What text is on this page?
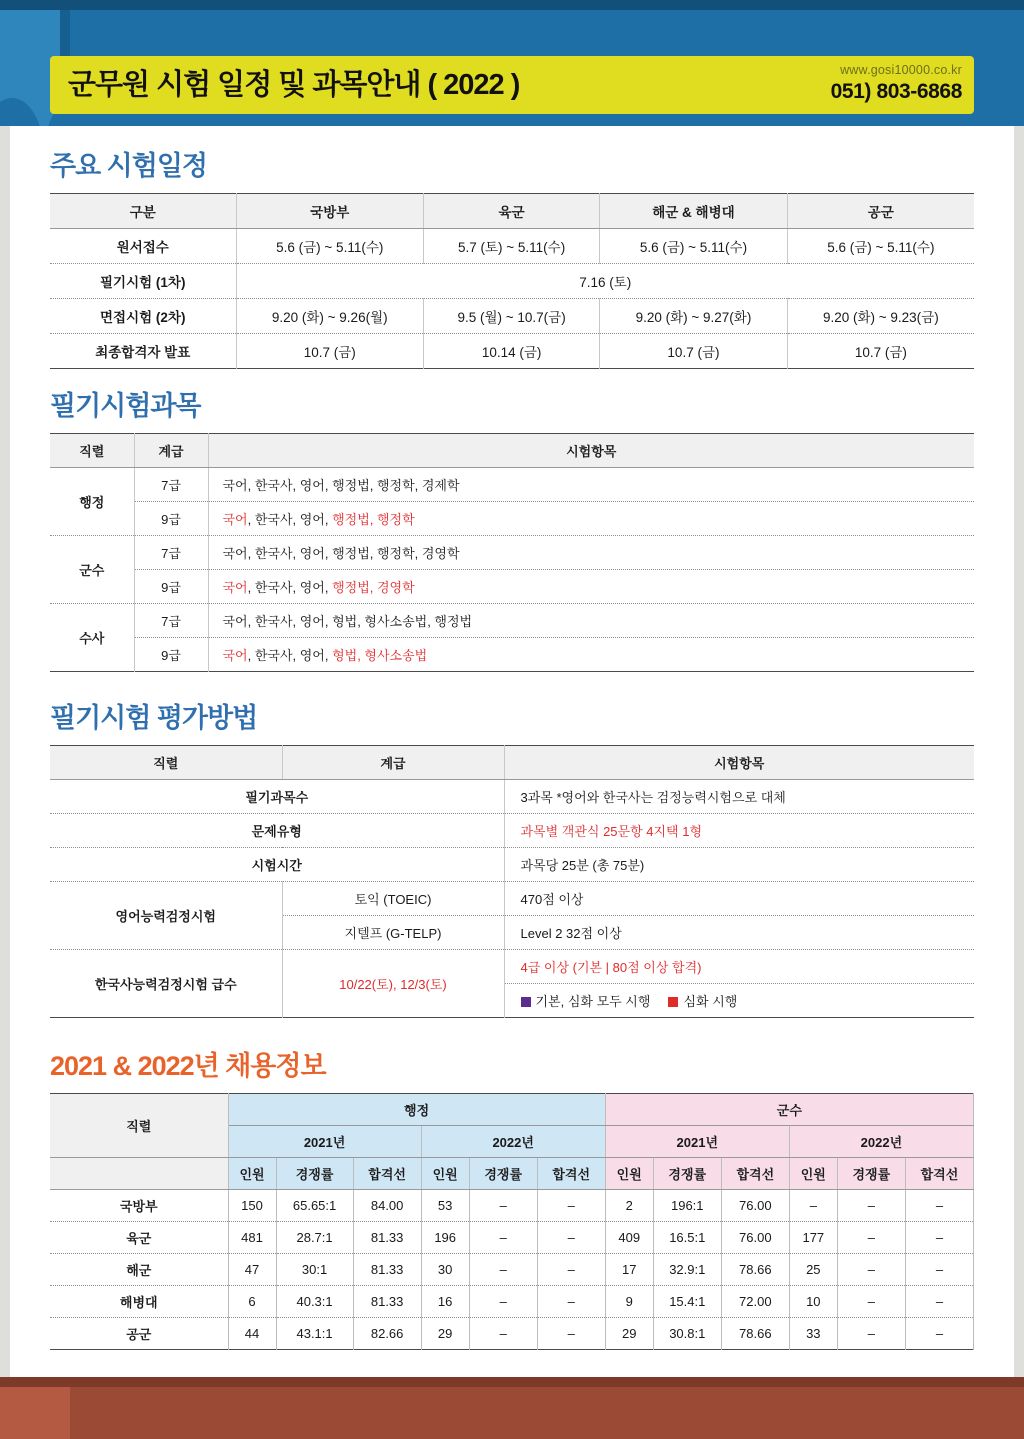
군무원 시험 일정 및 과목안내 ( 2022 )	www.gosi10000.co.kr
051) 803-6868
주요 시험일정
구분	국방부	육군	해군 & 해병대	공군
원서접수	5.6 (금) ~ 5.11(수)	5.7 (토) ~ 5.11(수)	5.6 (금) ~ 5.11(수)	5.6 (금) ~ 5.11(수)
필기시험 (1차)	7.16 (토)			
면접시험 (2차)	9.20 (화) ~ 9.26(월)	9.5 (월) ~ 10.7(금)	9.20 (화) ~ 9.27(화)	9.20 (화) ~ 9.23(금)
최종합격자 발표	10.7 (금)	10.14 (금)	10.7 (금)	10.7 (금)
필기시험과목
직렬	계급	시험항목
행정	7급	국어, 한국사, 영어, 행정법, 행정학, 경제학
	9급	국어, 한국사, 영어, 행정법, 행정학
군수	7급	국어, 한국사, 영어, 행정법, 행정학, 경영학
	9급	국어, 한국사, 영어, 행정법, 경영학
수사	7급	국어, 한국사, 영어, 형법, 형사소송법, 행정법
	9급	국어, 한국사, 영어, 형법, 형사소송법
필기시험 평가방법
직렬	계급	시험항목
필기과목수		3과목 *영어와 한국사는 검정능력시험으로 대체
문제유형		과목별 객관식 25문항 4지택 1형
시험시간		과목당 25분 (총 75분)
영어능력검정시험	토익 (TOEIC)	470점 이상
	지텔프 (G-TELP)	Level 2 32점 이상
한국사능력검정시험 급수	10/22(토), 12/3(토)	4급 이상 (기본 | 80점 이상 합격)
		기본, 심화 모두 시행 심화 시행
2021 & 2022년 채용정보
직렬	행정						군수					
	2021년			2022년			2021년			2022년		
	인원	경쟁률	합격선	인원	경쟁률	합격선	인원	경쟁률	합격선	인원	경쟁률	합격선
국방부	150	65.65:1	84.00	53	–	–	2	196:1	76.00	–	–	–
육군	481	28.7:1	81.33	196	–	–	409	16.5:1	76.00	177	–	–
해군	47	30:1	81.33	30	–	–	17	32.9:1	78.66	25	–	–
해병대	6	40.3:1	81.33	16	–	–	9	15.4:1	72.00	10	–	–
공군	44	43.1:1	82.66	29	–	–	29	30.8:1	78.66	33	–	–
